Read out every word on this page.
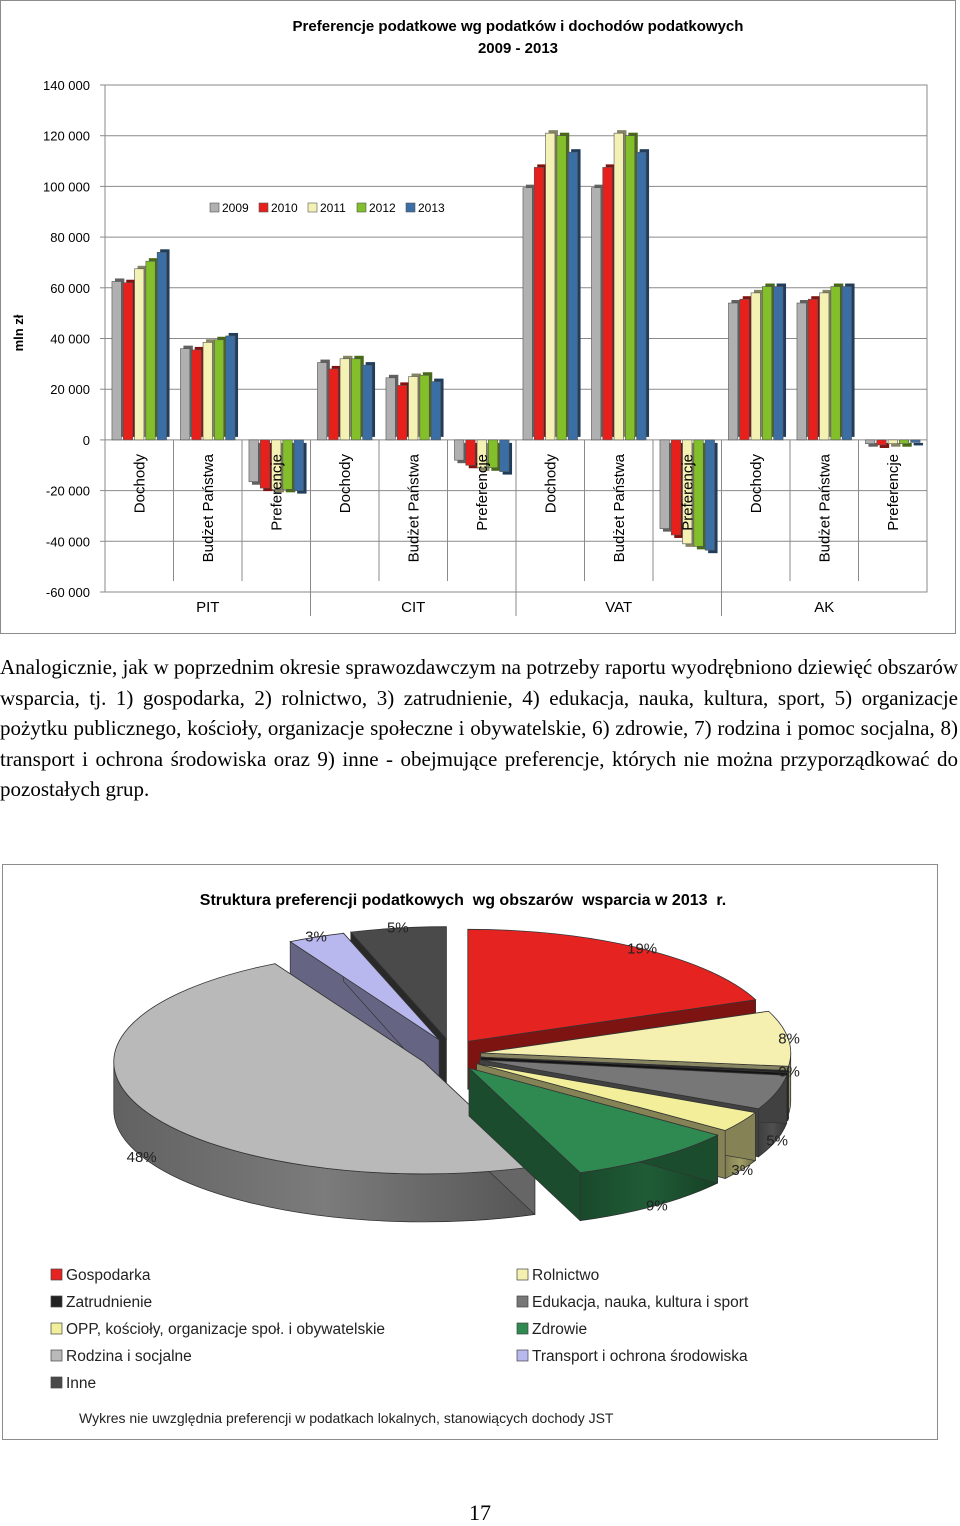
Preferencje podatkowe wg podatków i dochodów podatkowych
2009 - 2013
mln zł
140 000
120 000
100 000
80 000
60 000
40 000
20 000
0
-20 000
-40 000
-60 000
Dochody	Budżet Państwa	Preferencje	Dochody	Budżet Państwa	Preferencje	Dochody	Budżet Państwa	Preferencje	Dochody	Budżet Państwa	Preferencje
PIT	CIT	VAT	AK
2009 2010 2011 2012 2013

Analogicznie, jak w poprzednim okresie sprawozdawczym na potrzeby raportu wyodrębniono dziewięć obszarów wsparcia, tj. 1) gospodarka, 2) rolnictwo, 3) zatrudnienie, 4) edukacja, nauka, kultura, sport, 5) organizacje pożytku publicznego, kościoły, organizacje społeczne i obywatelskie, 6) zdrowie, 7) rodzina i pomoc socjalna, 8) transport i ochrona środowiska oraz 9) inne - obejmujące preferencje, których nie można przyporządkować do pozostałych grup.

Struktura preferencji podatkowych  wg obszarów  wsparcia w 2013  r.
19%
8%
0%
5%
3%
9%
48%
3%
5%
Gospodarka	Rolnictwo
Zatrudnienie	Edukacja, nauka, kultura i sport
OPP, kościoły, organizacje społ. i obywatelskie	Zdrowie
Rodzina i socjalne	Transport i ochrona środowiska
Inne
Wykres nie uwzględnia preferencji w podatkach lokalnych, stanowiących dochody JST
17
